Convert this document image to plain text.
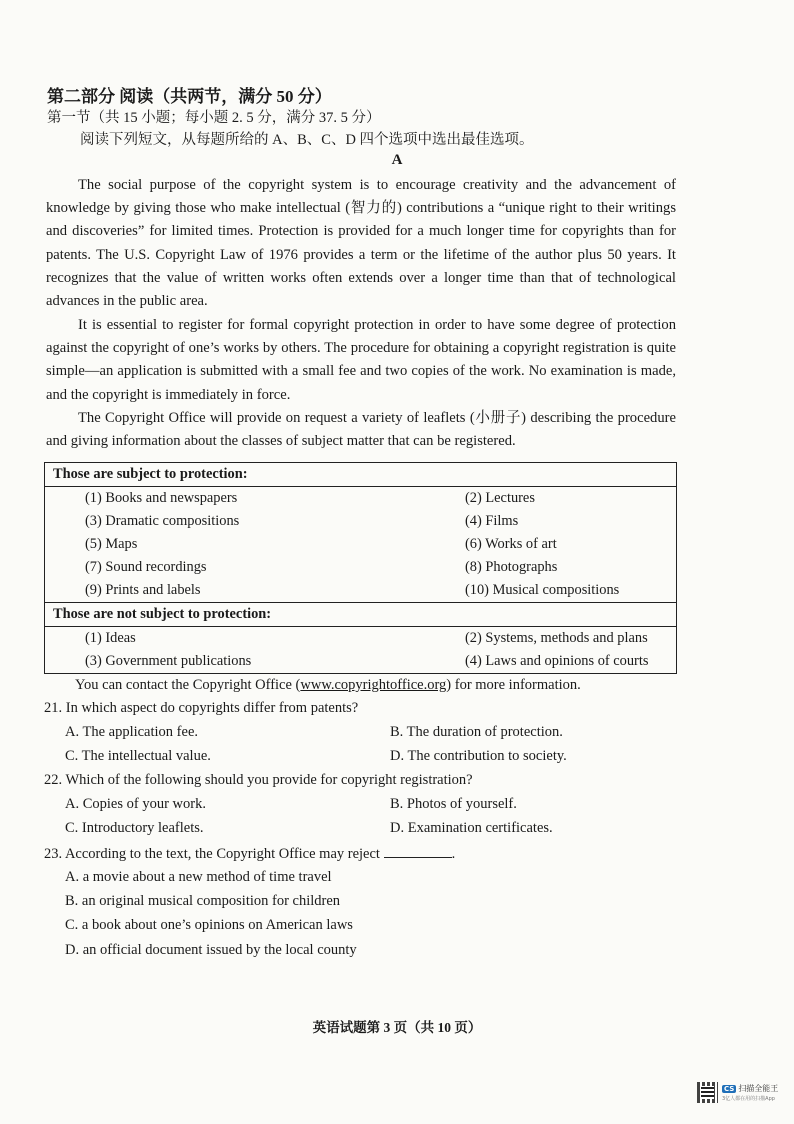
第二部分 阅读（共两节，满分 50 分）
第一节（共 15 小题；每小题 2. 5 分，满分 37. 5 分）
阅读下列短文，从每题所给的 A、B、C、D 四个选项中选出最佳选项。
A
The social purpose of the copyright system is to encourage creativity and the advancement of knowledge by giving those who make intellectual (智力的) contributions a “unique right to their writings and discoveries” for limited times. Protection is provided for a much longer time for copyrights than for patents. The U.S. Copyright Law of 1976 provides a term or the lifetime of the author plus 50 years. It recognizes that the value of written works often extends over a longer time than that of technological advances in the public area.
It is essential to register for formal copyright protection in order to have some degree of protection against the copyright of one’s works by others. The procedure for obtaining a copyright registration is quite simple—an application is submitted with a small fee and two copies of the work. No examination is made, and the copyright is immediately in force.
The Copyright Office will provide on request a variety of leaflets (小册子) describing the procedure and giving information about the classes of subject matter that can be registered.
Those are subject to protection:	
(1) Books and newspapers	(2) Lectures
(3) Dramatic compositions	(4) Films
(5) Maps	(6) Works of art
(7) Sound recordings	(8) Photographs
(9) Prints and labels	(10) Musical compositions
Those are not subject to protection:	
(1) Ideas	(2) Systems, methods and plans
(3) Government publications	(4) Laws and opinions of courts
You can contact the Copyright Office (www.copyrightoffice.org) for more information.
21. In which aspect do copyrights differ from patents?
A. The application fee.	B. The duration of protection.
C. The intellectual value.	D. The contribution to society.
22. Which of the following should you provide for copyright registration?
A. Copies of your work.	B. Photos of yourself.
C. Introductory leaflets.	D. Examination certificates.
23. According to the text, the Copyright Office may reject	.
A. a movie about a new method of time travel
B. an original musical composition for children
C. a book about one’s opinions on American laws
D. an official document issued by the local county
英语试题第 3 页（共 10 页）
CS 扫描全能王
3亿人都在用的扫描App
